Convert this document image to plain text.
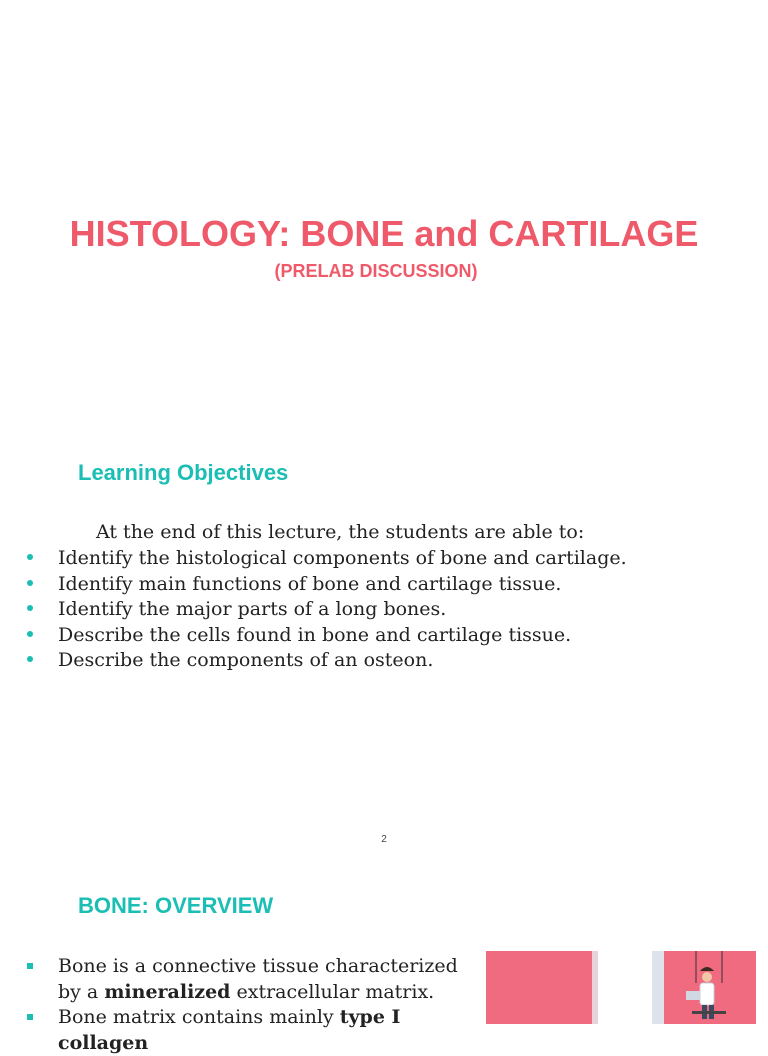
HISTOLOGY: BONE and CARTILAGE
(PRELAB DISCUSSION)
Learning Objectives
At the end of this lecture, the students are able to:
Identify the histological components of bone and cartilage.
Identify main functions of bone and cartilage tissue.
Identify the major parts of a long bones.
Describe the cells found in bone and cartilage tissue.
Describe the components of an osteon.
2
BONE: OVERVIEW
Bone is a connective tissue characterized by a mineralized extracellular matrix.
Bone matrix contains mainly type I collagen
